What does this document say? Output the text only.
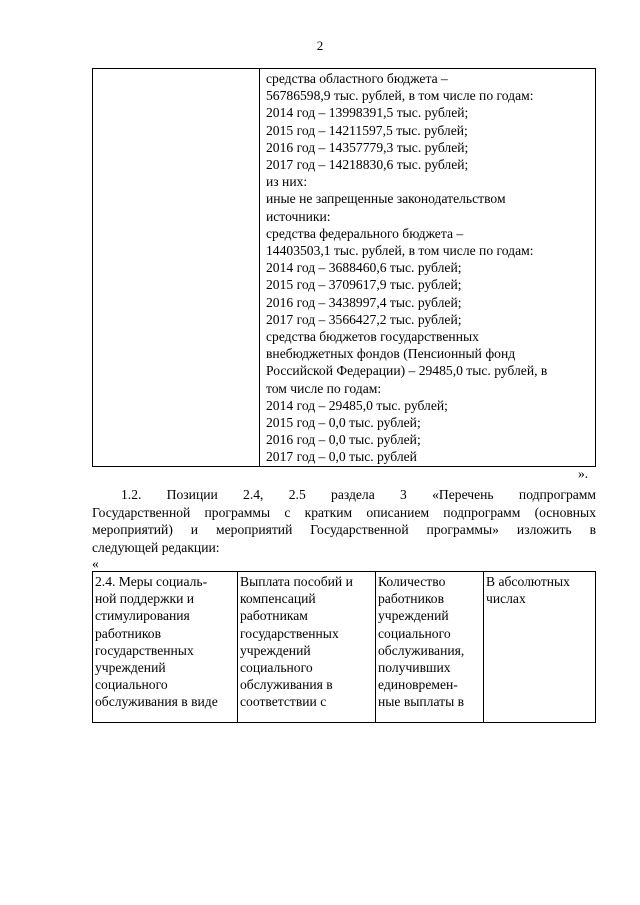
2

средства областного бюджета –
56786598,9 тыс. рублей, в том числе по годам:
2014 год – 13998391,5 тыс. рублей;
2015 год – 14211597,5 тыс. рублей;
2016 год – 14357779,3 тыс. рублей;
2017 год – 14218830,6 тыс. рублей;
из них:
иные не запрещенные законодательством
источники:
средства федерального бюджета –
14403503,1 тыс. рублей, в том числе по годам:
2014 год – 3688460,6 тыс. рублей;
2015 год – 3709617,9 тыс. рублей;
2016 год – 3438997,4 тыс. рублей;
2017 год – 3566427,2 тыс. рублей;
средства бюджетов государственных
внебюджетных фондов (Пенсионный фонд
Российской Федерации) – 29485,0 тыс. рублей, в
том числе по годам:
2014 год – 29485,0 тыс. рублей;
2015 год – 0,0 тыс. рублей;
2016 год – 0,0 тыс. рублей;
2017 год – 0,0 тыс. рублей
».
1.2. Позиции 2.4, 2.5 раздела 3 «Перечень подпрограмм
Государственной программы с кратким описанием подпрограмм (основных
мероприятий) и мероприятий Государственной программы» изложить в
следующей редакции:
«
2.4. Меры социаль-
ной поддержки и
стимулирования
работников
государственных
учреждений
социального
обслуживания в виде

Выплата пособий и
компенсаций
работникам
государственных
учреждений
социального
обслуживания в
соответствии с

Количество
работников
учреждений
социального
обслуживания,
получивших
единовремен-
ные выплаты в

В абсолютных
числах
